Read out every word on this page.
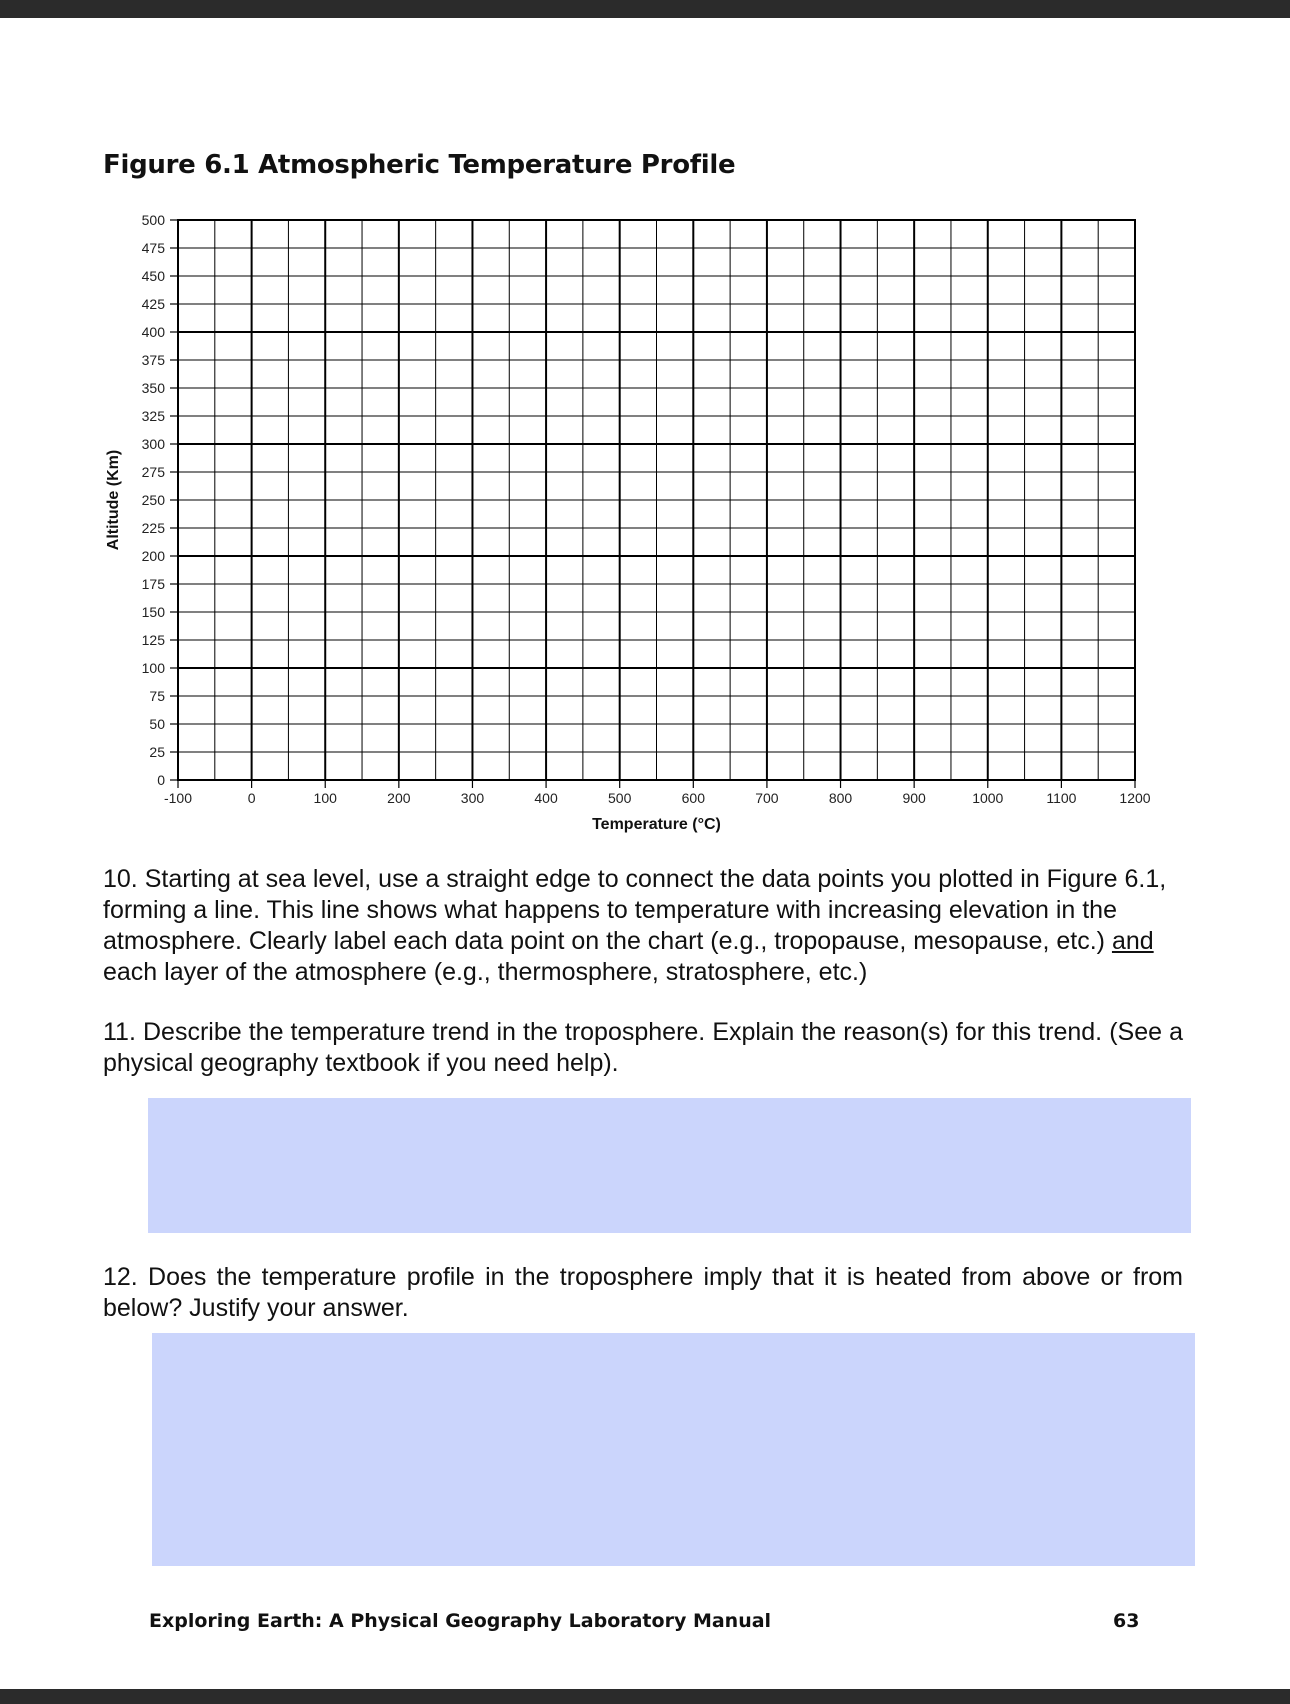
Figure 6.1 Atmospheric Temperature Profile
0
25
50
75
100
125
150
175
200
225
250
275
300
325
350
375
400
425
450
475
500
-100	0	100	200	300	400	500	600	700	800	900	1000	1100	1200
Temperature (°C)
Altitude (Km)

10. Starting at sea level, use a straight edge to connect the data points you plotted in Figure 6.1, forming a line. This line shows what happens to temperature with increasing elevation in the atmosphere. Clearly label each data point on the chart (e.g., tropopause, mesopause, etc.) and each layer of the atmosphere (e.g., thermosphere, stratosphere, etc.)

11. Describe the temperature trend in the troposphere. Explain the reason(s) for this trend. (See a physical geography textbook if you need help).

12. Does the temperature profile in the troposphere imply that it is heated from above or from below? Justify your answer.

Exploring Earth: A Physical Geography Laboratory Manual	63
